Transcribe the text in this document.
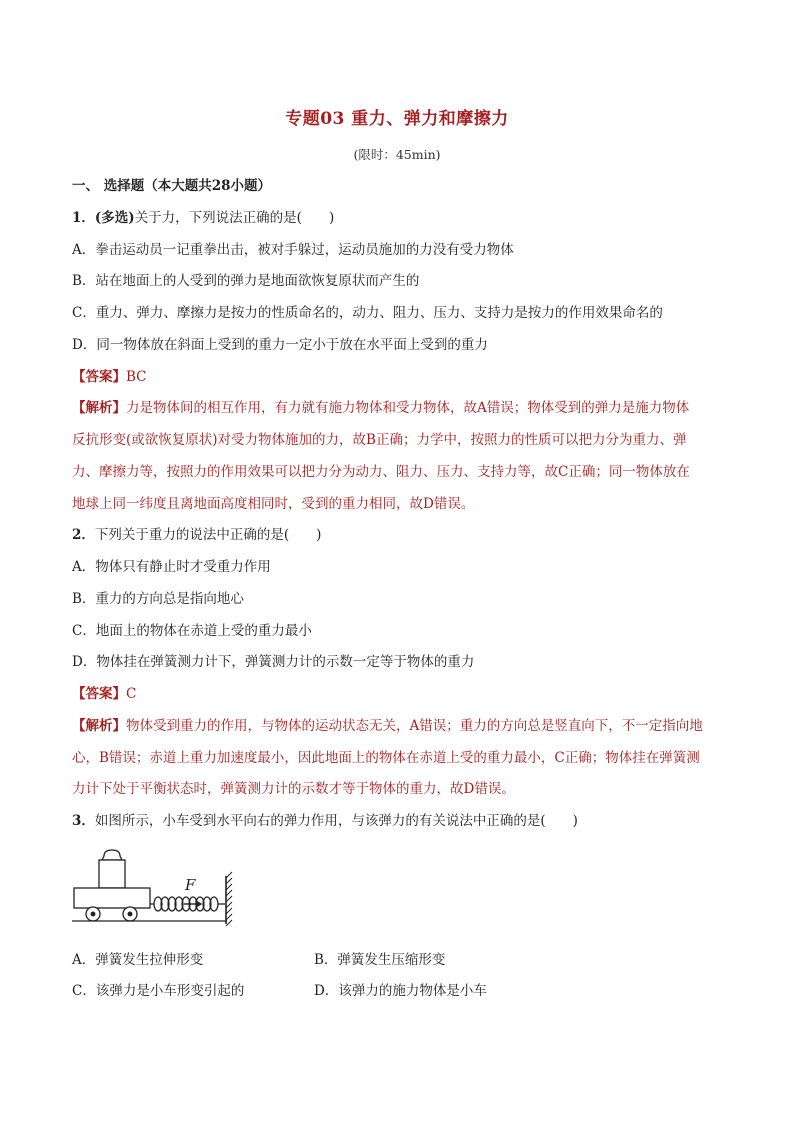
专题03 重力、弹力和摩擦力
(限时：45min)
一、 选择题（本大题共28小题）
1．(多选)关于力，下列说法正确的是(　　)
A．拳击运动员一记重拳出击，被对手躲过，运动员施加的力没有受力物体
B．站在地面上的人受到的弹力是地面欲恢复原状而产生的
C．重力、弹力、摩擦力是按力的性质命名的，动力、阻力、压力、支持力是按力的作用效果命名的
D．同一物体放在斜面上受到的重力一定小于放在水平面上受到的重力
【答案】BC
【解析】力是物体间的相互作用，有力就有施力物体和受力物体，故A错误；物体受到的弹力是施力物体
反抗形变(或欲恢复原状)对受力物体施加的力，故B正确；力学中，按照力的性质可以把力分为重力、弹
力、摩擦力等，按照力的作用效果可以把力分为动力、阻力、压力、支持力等，故C正确；同一物体放在
地球上同一纬度且离地面高度相同时，受到的重力相同，故D错误。
2．下列关于重力的说法中正确的是(　　)
A．物体只有静止时才受重力作用
B．重力的方向总是指向地心
C．地面上的物体在赤道上受的重力最小
D．物体挂在弹簧测力计下，弹簧测力计的示数一定等于物体的重力
【答案】C
【解析】物体受到重力的作用，与物体的运动状态无关，A错误；重力的方向总是竖直向下，不一定指向地
心，B错误；赤道上重力加速度最小，因此地面上的物体在赤道上受的重力最小，C正确；物体挂在弹簧测
力计下处于平衡状态时，弹簧测力计的示数才等于物体的重力，故D错误。
3．如图所示，小车受到水平向右的弹力作用，与该弹力的有关说法中正确的是(　　)
F
A．弹簧发生拉伸形变	B．弹簧发生压缩形变
C．该弹力是小车形变引起的	D．该弹力的施力物体是小车
